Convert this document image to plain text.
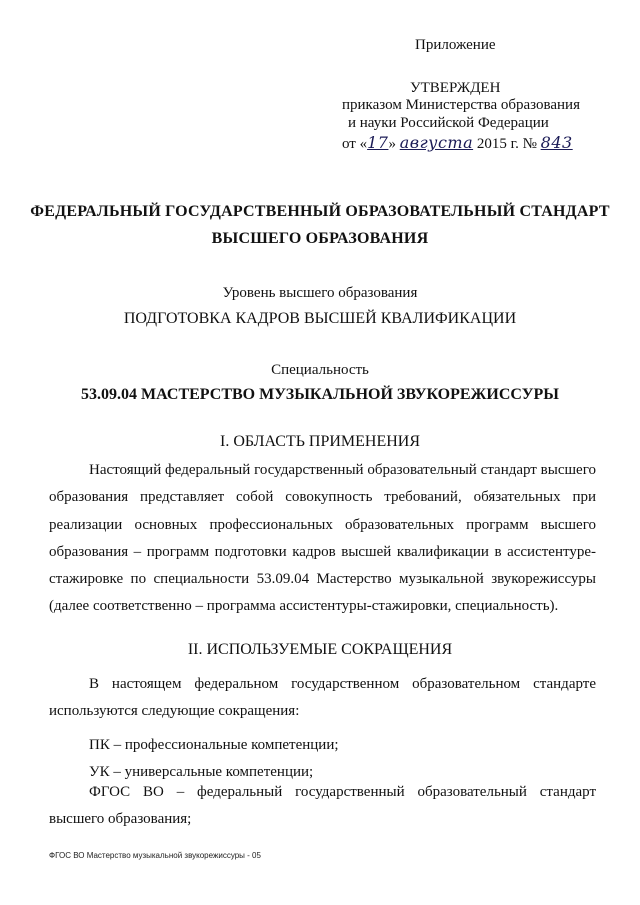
Приложение
УТВЕРЖДЕН
приказом Министерства образования
и науки Российской Федерации
от «17» августа 2015 г. № 843
ФЕДЕРАЛЬНЫЙ ГОСУДАРСТВЕННЫЙ ОБРАЗОВАТЕЛЬНЫЙ СТАНДАРТ
ВЫСШЕГО ОБРАЗОВАНИЯ
Уровень высшего образования
ПОДГОТОВКА КАДРОВ ВЫСШЕЙ КВАЛИФИКАЦИИ
Специальность
53.09.04 МАСТЕРСТВО МУЗЫКАЛЬНОЙ ЗВУКОРЕЖИССУРЫ
I. ОБЛАСТЬ ПРИМЕНЕНИЯ
Настоящий федеральный государственный образовательный стандарт высшего образования представляет собой совокупность требований, обязательных при реализации основных профессиональных образовательных программ высшего образования – программ подготовки кадров высшей квалификации в ассистентуре-стажировке по специальности 53.09.04 Мастерство музыкальной звукорежиссуры (далее соответственно – программа ассистентуры-стажировки, специальность).
II. ИСПОЛЬЗУЕМЫЕ СОКРАЩЕНИЯ
В настоящем федеральном государственном образовательном стандарте используются следующие сокращения:
ПК – профессиональные компетенции;
УК – универсальные компетенции;
ФГОС ВО – федеральный государственный образовательный стандарт высшего образования;
ФГОС ВО Мастерство музыкальной звукорежиссуры - 05
